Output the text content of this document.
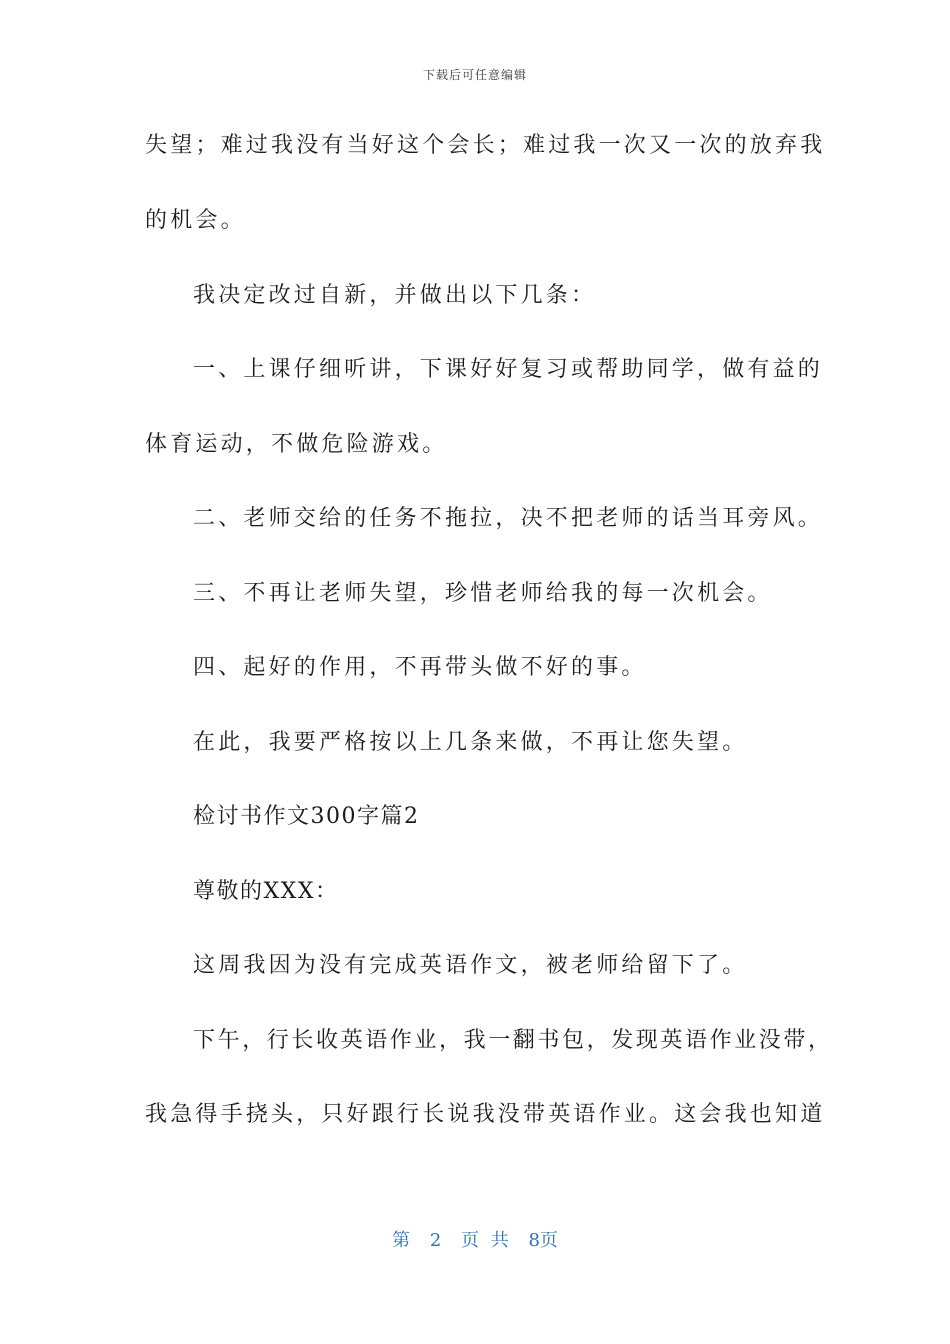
下载后可任意编辑
失望；难过我没有当好这个会长；难过我一次又一次的放弃我
的机会。
我决定改过自新，并做出以下几条：
一、上课仔细听讲，下课好好复习或帮助同学，做有益的
体育运动，不做危险游戏。
二、老师交给的任务不拖拉，决不把老师的话当耳旁风。
三、不再让老师失望，珍惜老师给我的每一次机会。
四、起好的作用，不再带头做不好的事。
在此，我要严格按以上几条来做，不再让您失望。
检讨书作文300字篇2
尊敬的XXX：
这周我因为没有完成英语作文，被老师给留下了。
下午，行长收英语作业，我一翻书包，发现英语作业没带，
我急得手挠头，只好跟行长说我没带英语作业。这会我也知道
第 2 页 共 8页
